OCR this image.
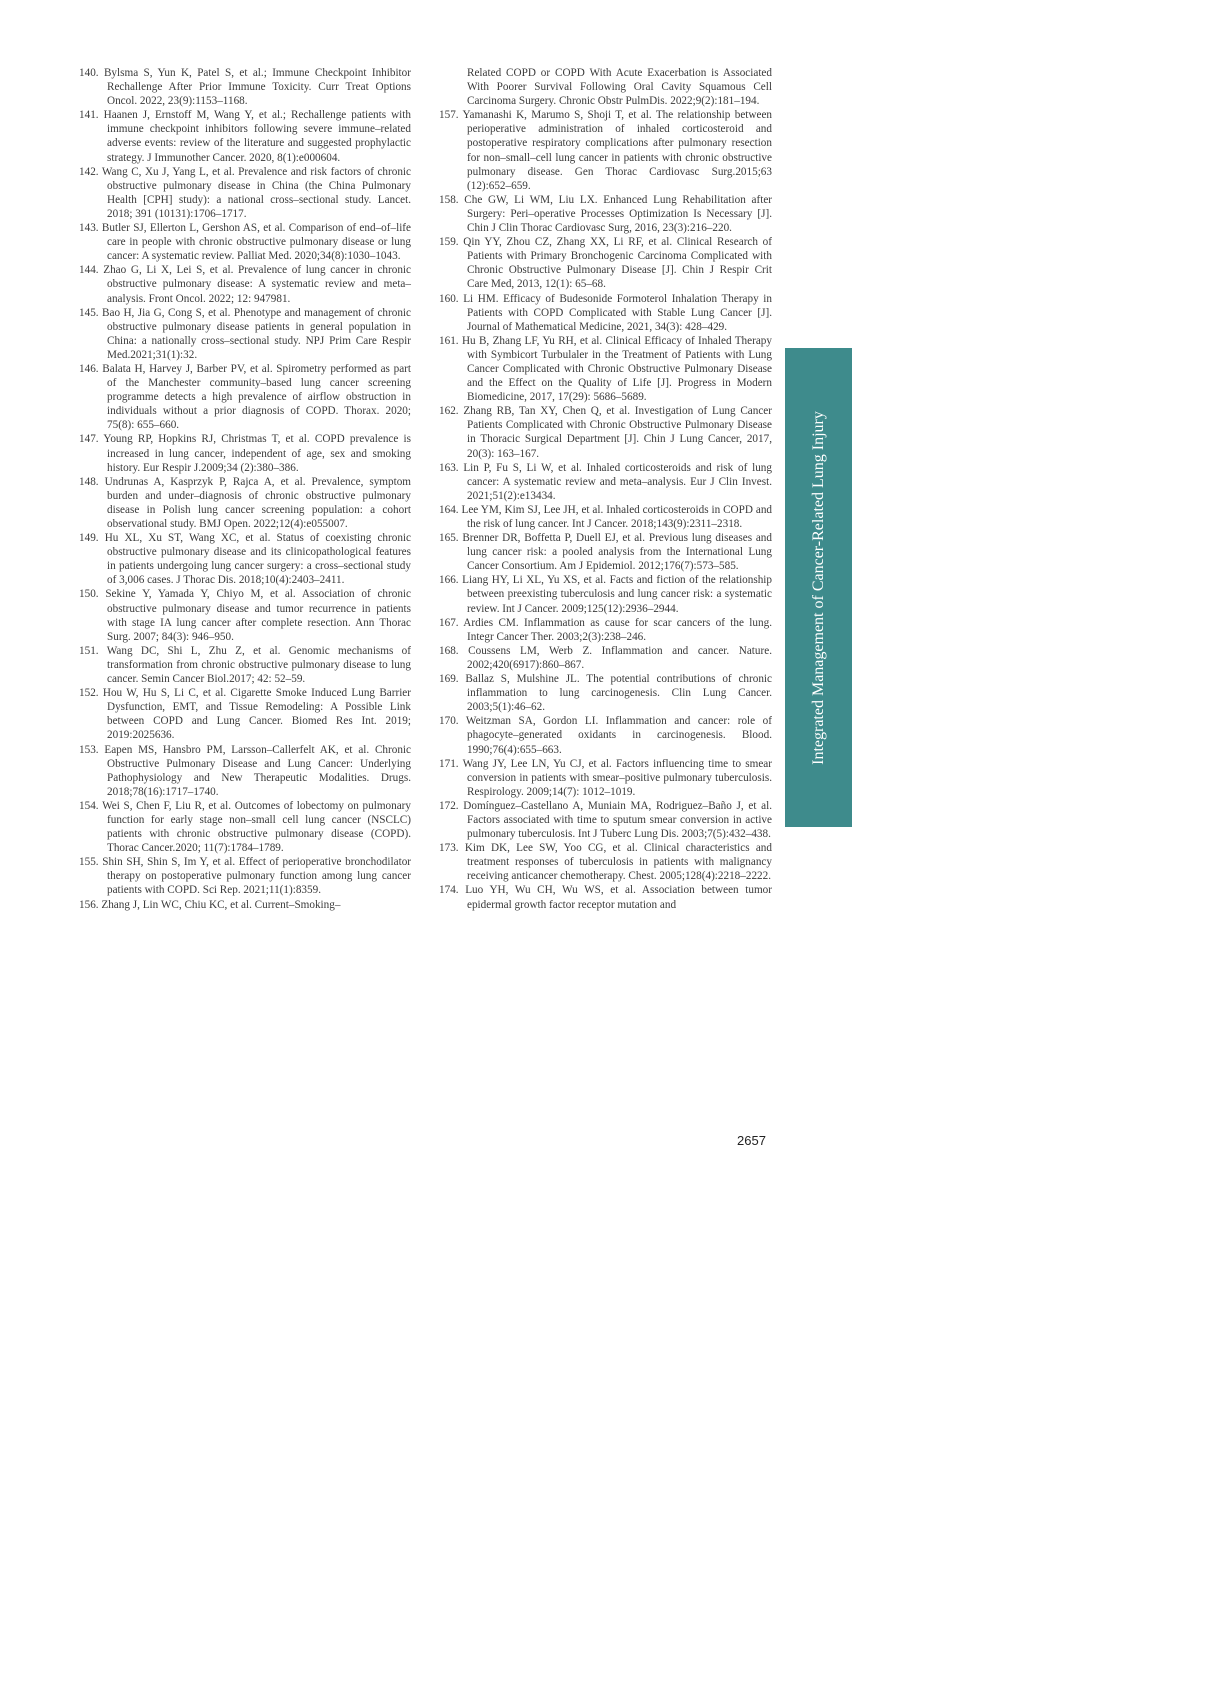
140. Bylsma S, Yun K, Patel S, et al.; Immune Checkpoint Inhibitor Rechallenge After Prior Immune Toxicity. Curr Treat Options Oncol. 2022, 23(9):1153–1168.

141. Haanen J, Ernstoff M, Wang Y, et al.; Rechallenge patients with immune checkpoint inhibitors following severe immune–related adverse events: review of the literature and suggested prophylactic strategy. J Immunother Cancer. 2020, 8(1):e000604.

142. Wang C, Xu J, Yang L, et al. Prevalence and risk factors of chronic obstructive pulmonary disease in China (the China Pulmonary Health [CPH] study): a national cross–sectional study. Lancet. 2018; 391 (10131):1706–1717.

143. Butler SJ, Ellerton L, Gershon AS, et al. Comparison of end–of–life care in people with chronic obstructive pulmonary disease or lung cancer: A systematic review. Palliat Med. 2020;34(8):1030–1043.

144. Zhao G, Li X, Lei S, et al. Prevalence of lung cancer in chronic obstructive pulmonary disease: A systematic review and meta–analysis. Front Oncol. 2022; 12: 947981.

145. Bao H, Jia G, Cong S, et al. Phenotype and management of chronic obstructive pulmonary disease patients in general population in China: a nationally cross–sectional study. NPJ Prim Care Respir Med.2021;31(1):32.

146. Balata H, Harvey J, Barber PV, et al. Spirometry performed as part of the Manchester community–based lung cancer screening programme detects a high prevalence of airflow obstruction in individuals without a prior diagnosis of COPD. Thorax. 2020; 75(8): 655–660.

147. Young RP, Hopkins RJ, Christmas T, et al. COPD prevalence is increased in lung cancer, independent of age, sex and smoking history. Eur Respir J.2009;34 (2):380–386.

148. Undrunas A, Kasprzyk P, Rajca A, et al. Prevalence, symptom burden and under–diagnosis of chronic obstructive pulmonary disease in Polish lung cancer screening population: a cohort observational study. BMJ Open. 2022;12(4):e055007.

149. Hu XL, Xu ST, Wang XC, et al. Status of coexisting chronic obstructive pulmonary disease and its clinicopathological features in patients undergoing lung cancer surgery: a cross–sectional study of 3,006 cases. J Thorac Dis. 2018;10(4):2403–2411.

150. Sekine Y, Yamada Y, Chiyo M, et al. Association of chronic obstructive pulmonary disease and tumor recurrence in patients with stage IA lung cancer after complete resection. Ann Thorac Surg. 2007; 84(3): 946–950.

151. Wang DC, Shi L, Zhu Z, et al. Genomic mechanisms of transformation from chronic obstructive pulmonary disease to lung cancer. Semin Cancer Biol.2017; 42: 52–59.

152. Hou W, Hu S, Li C, et al. Cigarette Smoke Induced Lung Barrier Dysfunction, EMT, and Tissue Remodeling: A Possible Link between COPD and Lung Cancer. Biomed Res Int. 2019; 2019:2025636.

153. Eapen MS, Hansbro PM, Larsson–Callerfelt AK, et al. Chronic Obstructive Pulmonary Disease and Lung Cancer: Underlying Pathophysiology and New Therapeutic Modalities. Drugs. 2018;78(16):1717–1740.

154. Wei S, Chen F, Liu R, et al. Outcomes of lobectomy on pulmonary function for early stage non–small cell lung cancer (NSCLC) patients with chronic obstructive pulmonary disease (COPD). Thorac Cancer.2020; 11(7):1784–1789.

155. Shin SH, Shin S, Im Y, et al. Effect of perioperative bronchodilator therapy on postoperative pulmonary function among lung cancer patients with COPD. Sci Rep. 2021;11(1):8359.

156. Zhang J, Lin WC, Chiu KC, et al. Current–Smoking–

Related COPD or COPD With Acute Exacerbation is Associated With Poorer Survival Following Oral Cavity Squamous Cell Carcinoma Surgery. Chronic Obstr PulmDis. 2022;9(2):181–194.

157. Yamanashi K, Marumo S, Shoji T, et al. The relationship between perioperative administration of inhaled corticosteroid and postoperative respiratory complications after pulmonary resection for non–small–cell lung cancer in patients with chronic obstructive pulmonary disease. Gen Thorac Cardiovasc Surg.2015;63 (12):652–659.

158. Che GW, Li WM, Liu LX. Enhanced Lung Rehabilitation after Surgery: Peri–operative Processes Optimization Is Necessary [J]. Chin J Clin Thorac Cardiovasc Surg, 2016, 23(3):216–220.

159. Qin YY, Zhou CZ, Zhang XX, Li RF, et al. Clinical Research of Patients with Primary Bronchogenic Carcinoma Complicated with Chronic Obstructive Pulmonary Disease [J]. Chin J Respir Crit Care Med, 2013, 12(1): 65–68.

160. Li HM. Efficacy of Budesonide Formoterol Inhalation Therapy in Patients with COPD Complicated with Stable Lung Cancer [J]. Journal of Mathematical Medicine, 2021, 34(3): 428–429.

161. Hu B, Zhang LF, Yu RH, et al. Clinical Efficacy of Inhaled Therapy with Symbicort Turbulaler in the Treatment of Patients with Lung Cancer Complicated with Chronic Obstructive Pulmonary Disease and the Effect on the Quality of Life [J]. Progress in Modern Biomedicine, 2017, 17(29): 5686–5689.

162. Zhang RB, Tan XY, Chen Q, et al. Investigation of Lung Cancer Patients Complicated with Chronic Obstructive Pulmonary Disease in Thoracic Surgical Department [J]. Chin J Lung Cancer, 2017, 20(3): 163–167.

163. Lin P, Fu S, Li W, et al. Inhaled corticosteroids and risk of lung cancer: A systematic review and meta–analysis. Eur J Clin Invest. 2021;51(2):e13434.

164. Lee YM, Kim SJ, Lee JH, et al. Inhaled corticosteroids in COPD and the risk of lung cancer. Int J Cancer. 2018;143(9):2311–2318.

165. Brenner DR, Boffetta P, Duell EJ, et al. Previous lung diseases and lung cancer risk: a pooled analysis from the International Lung Cancer Consortium. Am J Epidemiol. 2012;176(7):573–585.

166. Liang HY, Li XL, Yu XS, et al. Facts and fiction of the relationship between preexisting tuberculosis and lung cancer risk: a systematic review. Int J Cancer. 2009;125(12):2936–2944.

167. Ardies CM. Inflammation as cause for scar cancers of the lung. Integr Cancer Ther. 2003;2(3):238–246.

168. Coussens LM, Werb Z. Inflammation and cancer. Nature. 2002;420(6917):860–867.

169. Ballaz S, Mulshine JL. The potential contributions of chronic inflammation to lung carcinogenesis. Clin Lung Cancer. 2003;5(1):46–62.

170. Weitzman SA, Gordon LI. Inflammation and cancer: role of phagocyte–generated oxidants in carcinogenesis. Blood. 1990;76(4):655–663.

171. Wang JY, Lee LN, Yu CJ, et al. Factors influencing time to smear conversion in patients with smear–positive pulmonary tuberculosis. Respirology. 2009;14(7): 1012–1019.

172. Domínguez–Castellano A, Muniain MA, Rodriguez–Baño J, et al. Factors associated with time to sputum smear conversion in active pulmonary tuberculosis. Int J Tuberc Lung Dis. 2003;7(5):432–438.

173. Kim DK, Lee SW, Yoo CG, et al. Clinical characteristics and treatment responses of tuberculosis in patients with malignancy receiving anticancer chemotherapy. Chest. 2005;128(4):2218–2222.

174. Luo YH, Wu CH, Wu WS, et al. Association between tumor epidermal growth factor receptor mutation and

Integrated Management of Cancer-Related Lung Injury
2657
